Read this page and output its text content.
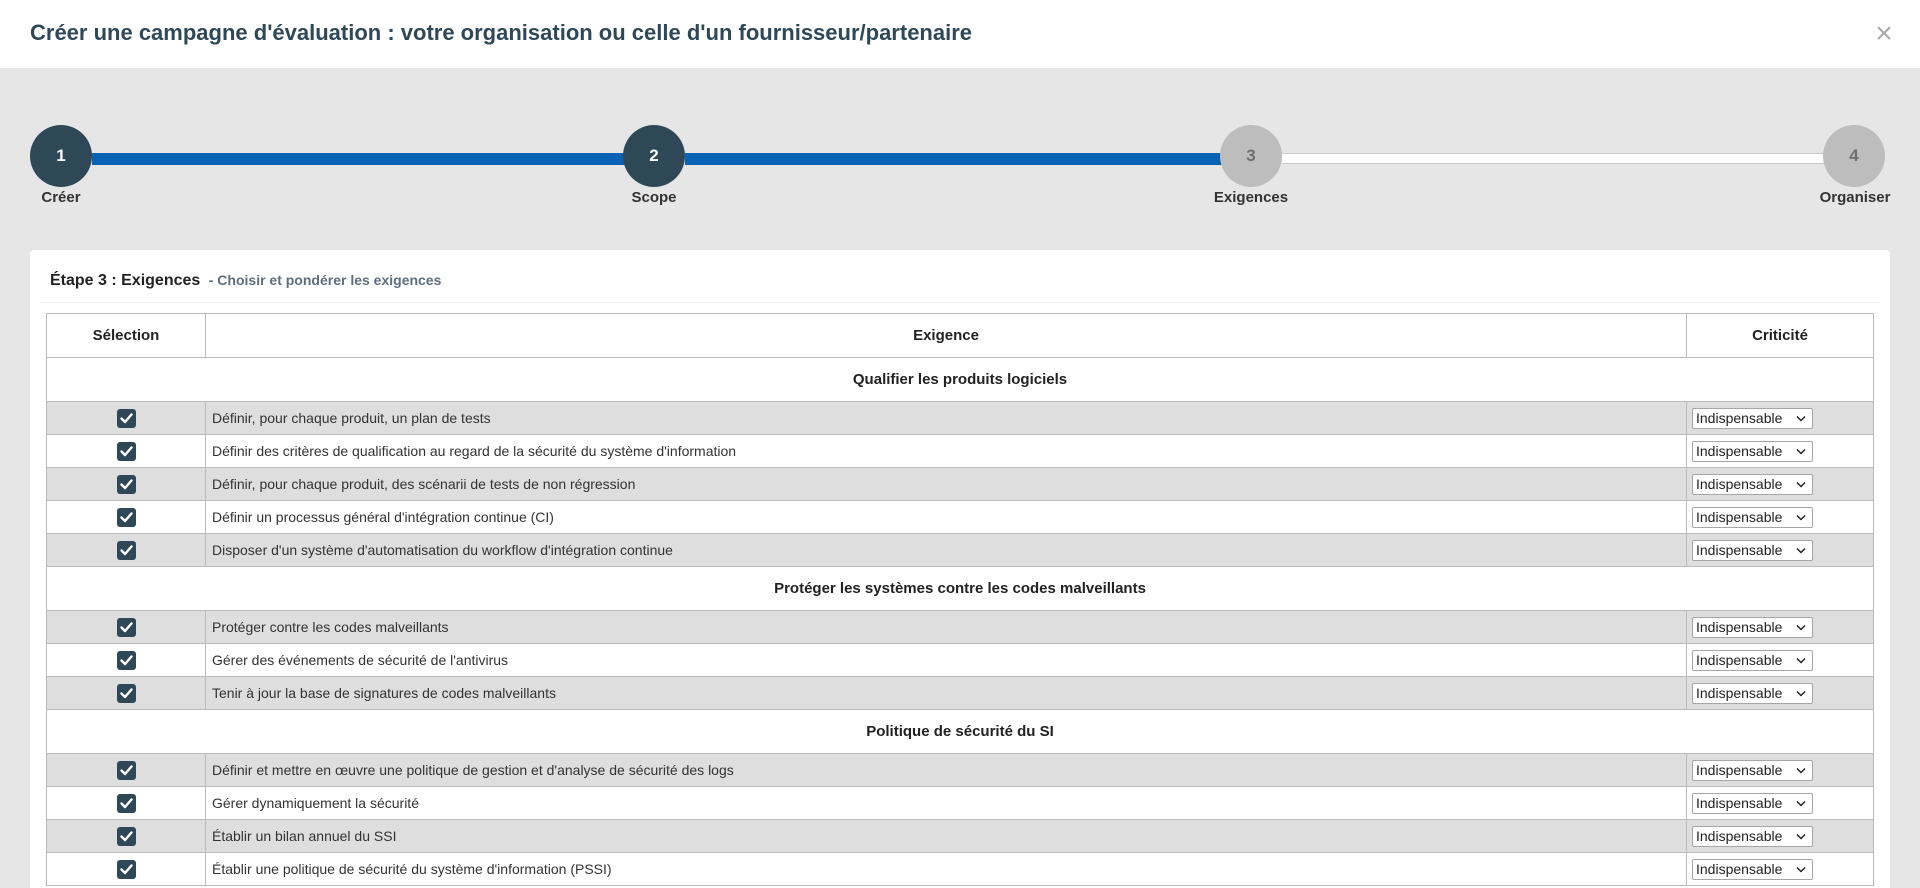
Créer une campagne d'évaluation : votre organisation ou celle d'un fournisseur/partenaire	×
1	2	3	4
Créer	Scope	Exigences	Organiser
Étape 3 : Exigences - Choisir et pondérer les exigences
Sélection	Exigence	Criticité
Qualifier les produits logiciels		

	Définir, pour chaque produit, un plan de tests	Indispensable

	Définir des critères de qualification au regard de la sécurité du système d'information	Indispensable

	Définir, pour chaque produit, des scénarii de tests de non régression	Indispensable

	Définir un processus général d'intégration continue (CI)	Indispensable

	Disposer d'un système d'automatisation du workflow d'intégration continue	Indispensable

Protéger les systèmes contre les codes malveillants		

	Protéger contre les codes malveillants	Indispensable

	Gérer des événements de sécurité de l'antivirus	Indispensable

	Tenir à jour la base de signatures de codes malveillants	Indispensable

Politique de sécurité du SI		

	Définir et mettre en œuvre une politique de gestion et d'analyse de sécurité des logs	Indispensable

	Gérer dynamiquement la sécurité	Indispensable

	Établir un bilan annuel du SSI	Indispensable

	Établir une politique de sécurité du système d'information (PSSI)	Indispensable
